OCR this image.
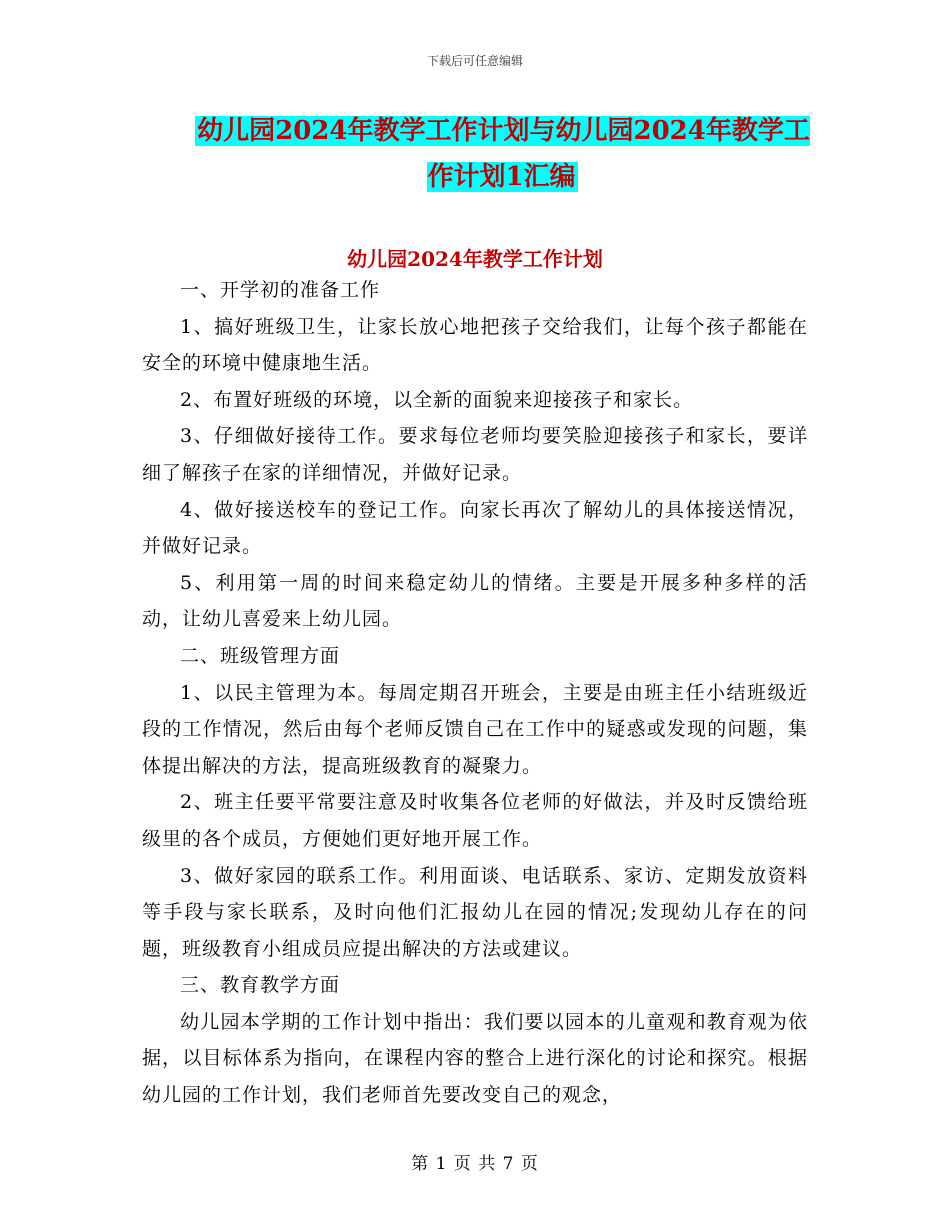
下载后可任意编辑
幼儿园2024年教学工作计划与幼儿园2024年教学工作计划1汇编
幼儿园2024年教学工作计划

一、开学初的准备工作

1、搞好班级卫生，让家长放心地把孩子交给我们，让每个孩子都能在安全的环境中健康地生活。

2、布置好班级的环境，以全新的面貌来迎接孩子和家长。

3、仔细做好接待工作。要求每位老师均要笑脸迎接孩子和家长，要详细了解孩子在家的详细情况，并做好记录。

4、做好接送校车的登记工作。向家长再次了解幼儿的具体接送情况，并做好记录。

5、利用第一周的时间来稳定幼儿的情绪。主要是开展多种多样的活动，让幼儿喜爱来上幼儿园。

二、班级管理方面

1、以民主管理为本。每周定期召开班会，主要是由班主任小结班级近段的工作情况，然后由每个老师反馈自己在工作中的疑惑或发现的问题，集体提出解决的方法，提高班级教育的凝聚力。

2、班主任要平常要注意及时收集各位老师的好做法，并及时反馈给班级里的各个成员，方便她们更好地开展工作。

3、做好家园的联系工作。利用面谈、电话联系、家访、定期发放资料等手段与家长联系，及时向他们汇报幼儿在园的情况;发现幼儿存在的问题，班级教育小组成员应提出解决的方法或建议。

三、教育教学方面

幼儿园本学期的工作计划中指出：我们要以园本的儿童观和教育观为依据，以目标体系为指向，在课程内容的整合上进行深化的讨论和探究。根据幼儿园的工作计划，我们老师首先要改变自己的观念，

第 1 页 共 7 页
